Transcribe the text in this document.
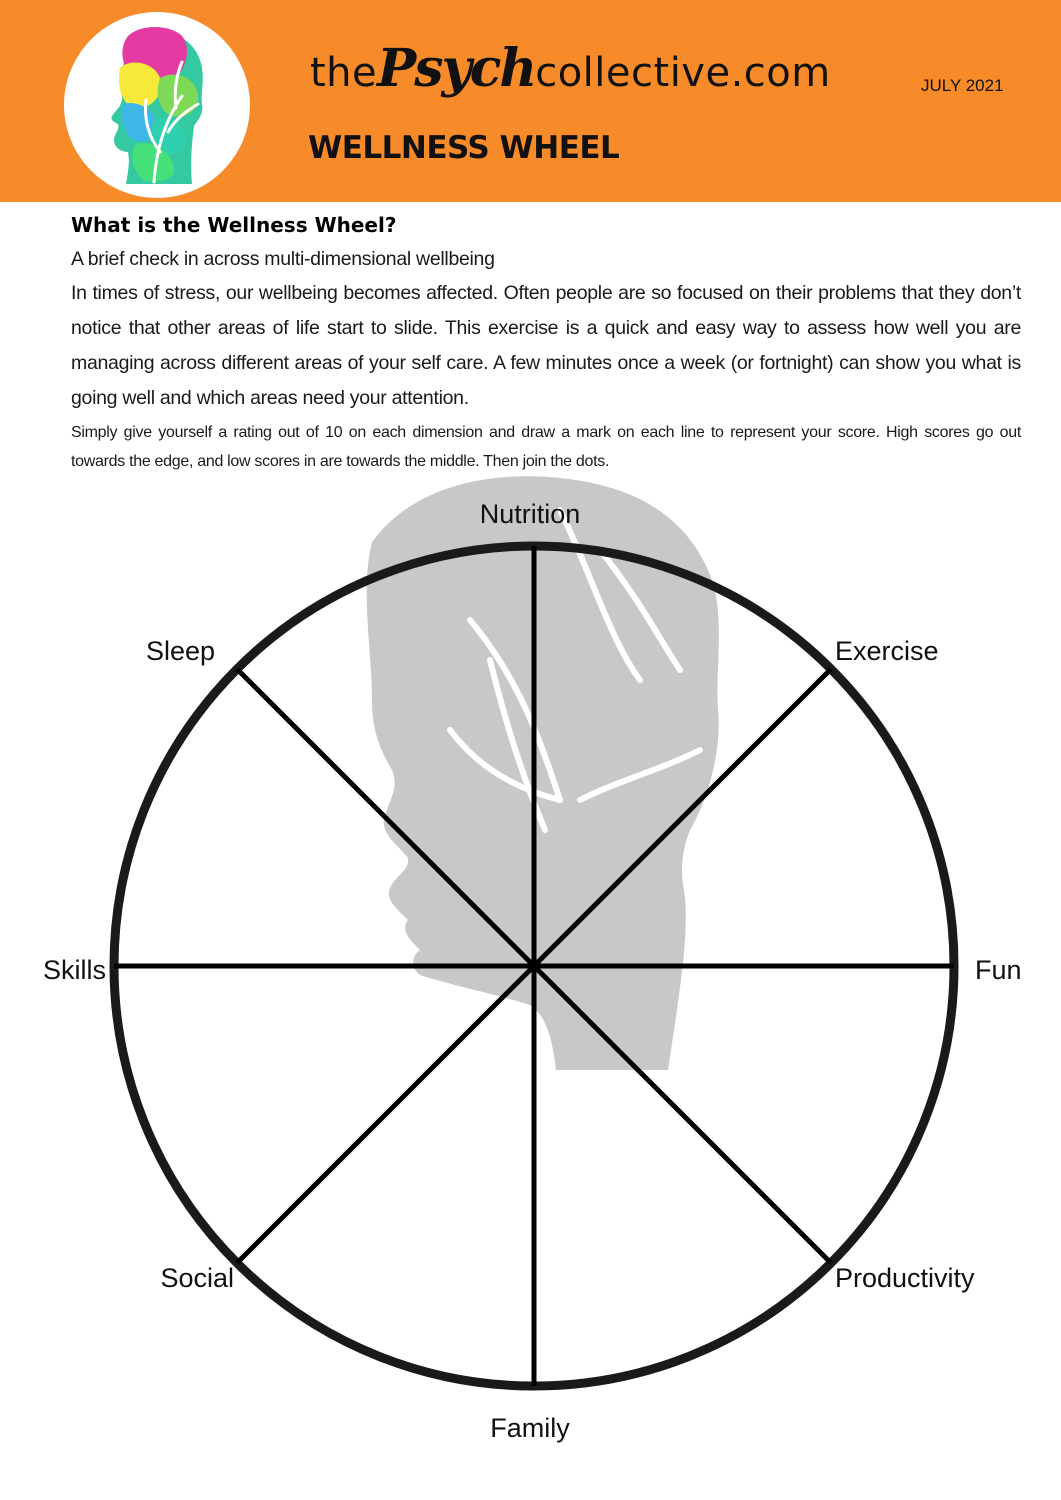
thePsychcollective.com
WELLNESS WHEEL
JULY 2021

What is the Wellness Wheel?

A brief check in across multi-dimensional wellbeing

In times of stress, our wellbeing becomes affected. Often people are so focused on their problems that they don’t notice that other areas of life start to slide. This exercise is a quick and easy way to assess how well you are managing across different areas of your self care. A few minutes once a week (or fortnight) can show you what is going well and which areas need your attention.

Simply give yourself a rating out of 10 on each dimension and draw a mark on each line to represent your score. High scores go out towards the edge, and low scores in are towards the middle. Then join the dots.

Nutrition
Exercise
Fun
Productivity
Family
Social
Skills
Sleep
